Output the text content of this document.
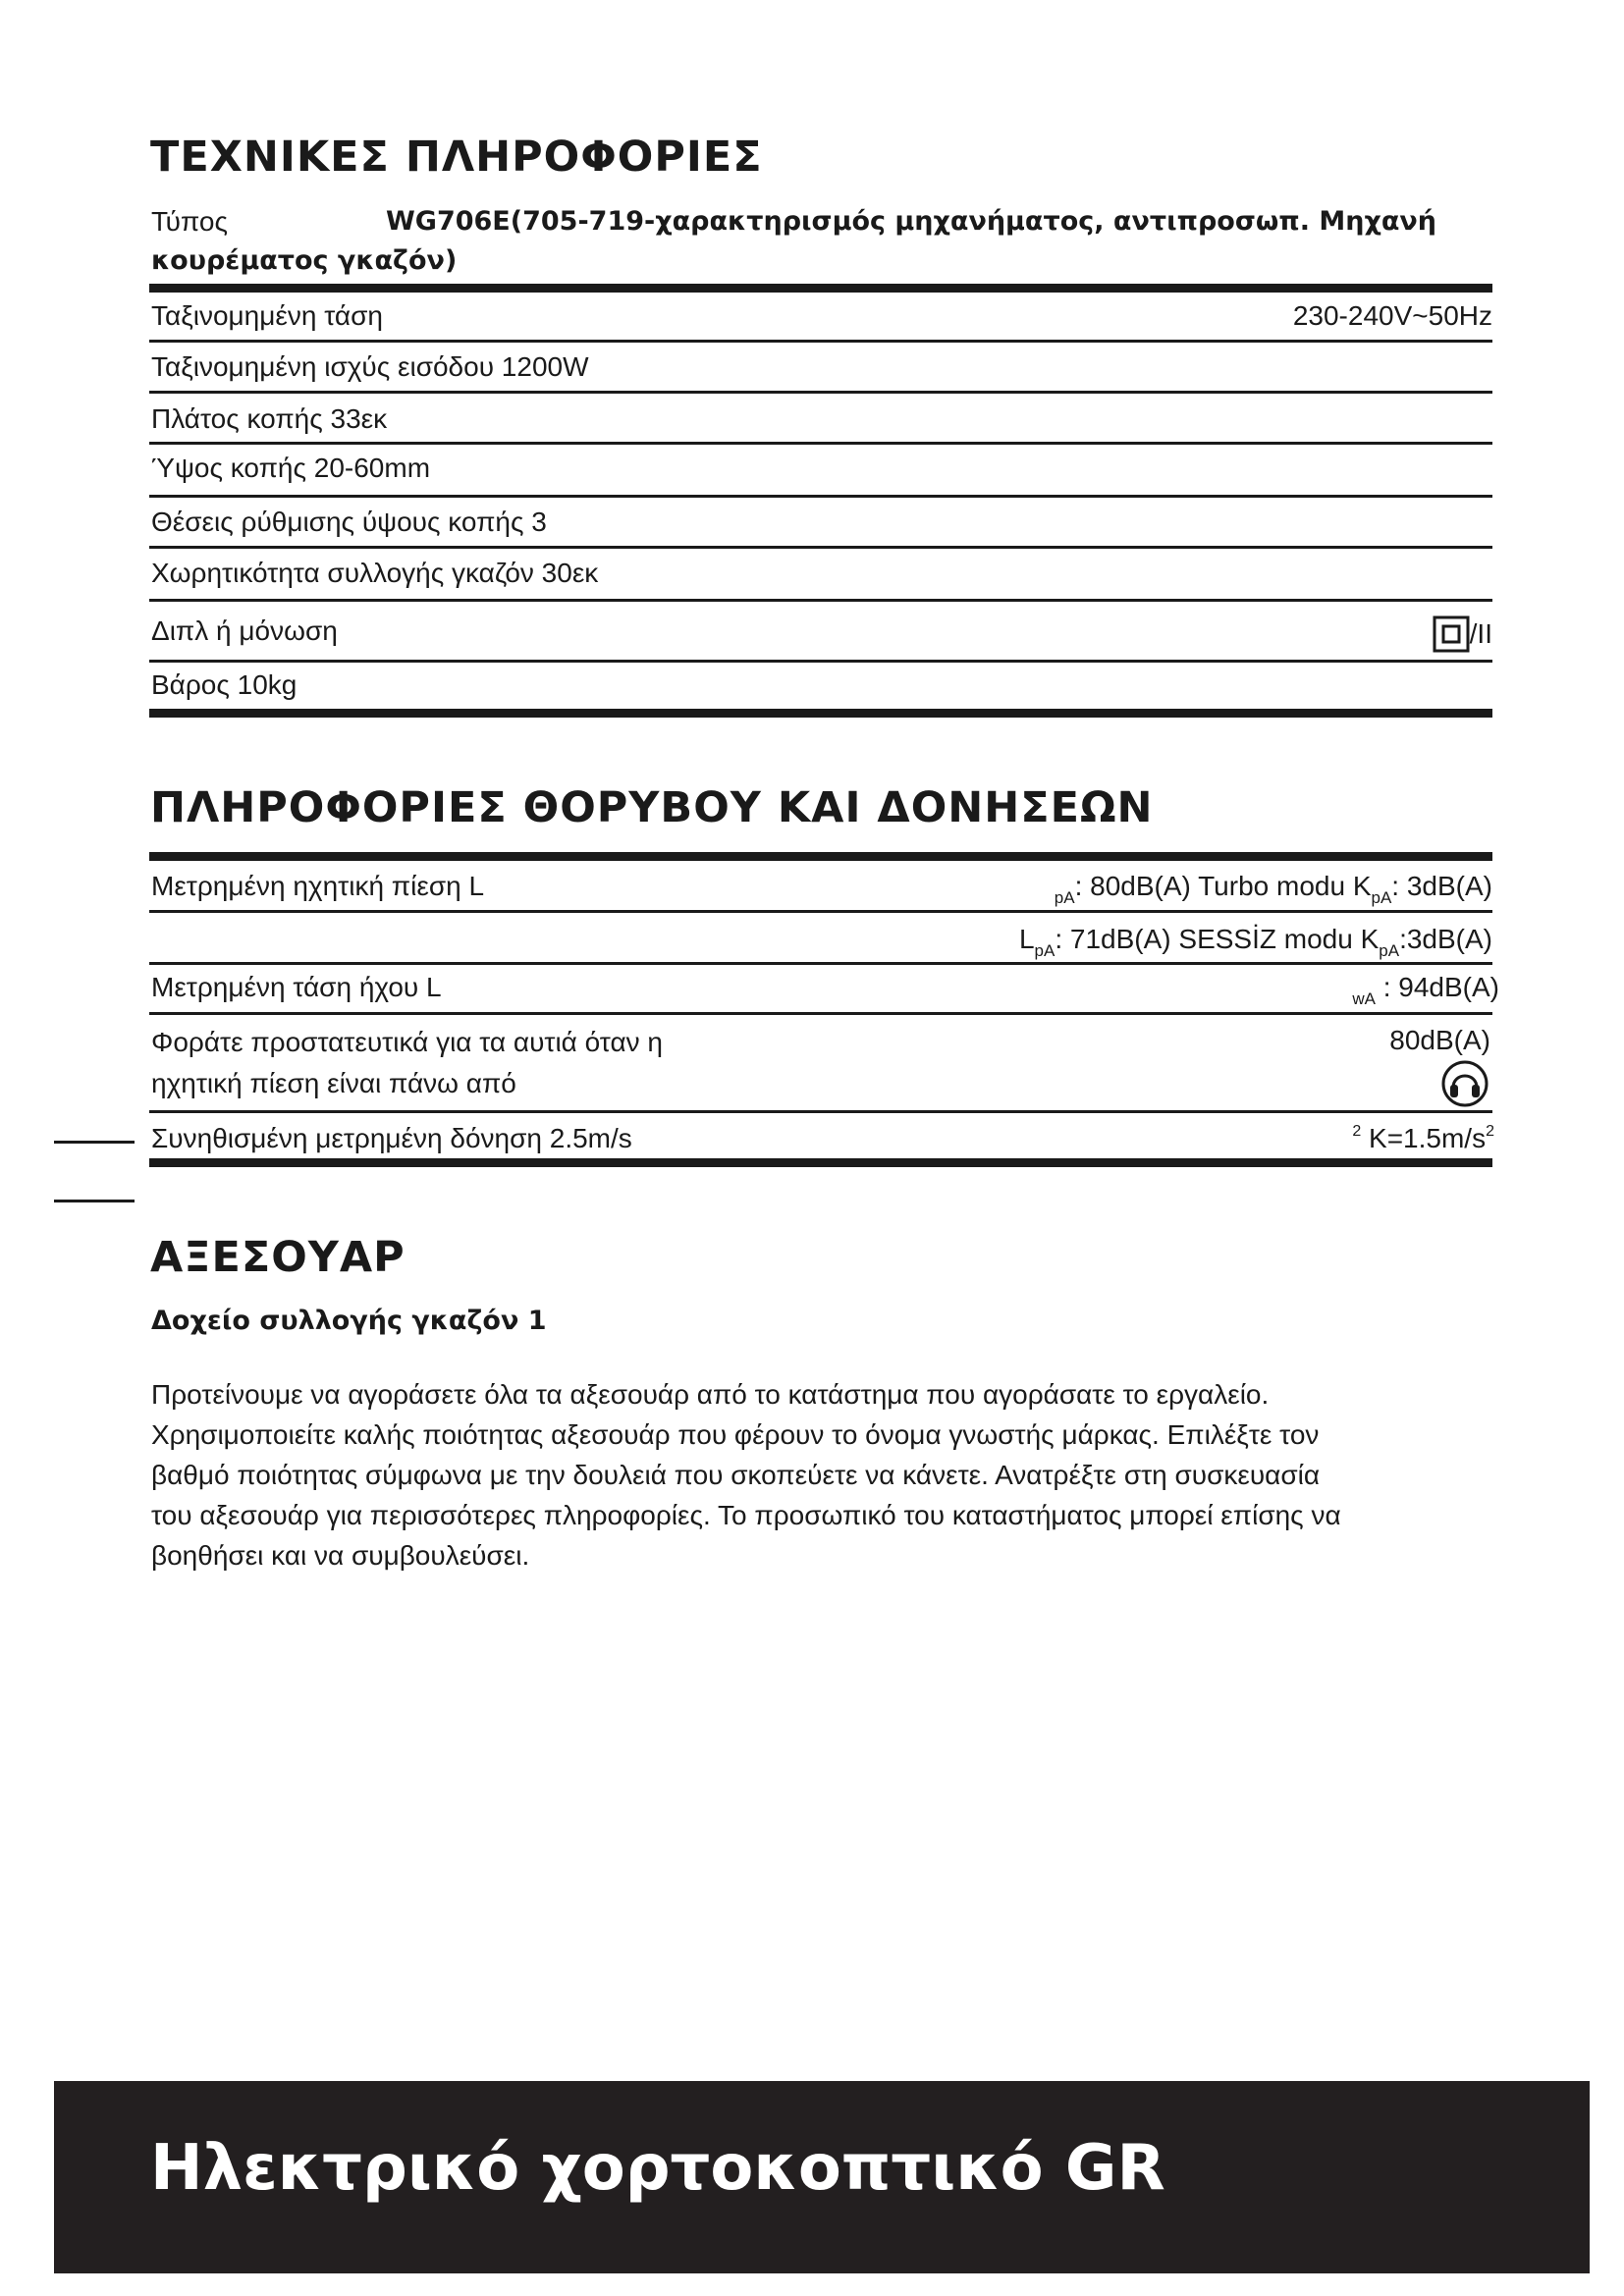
ΤΕΧΝΙΚΕΣ ΠΛΗΡΟΦΟΡΙΕΣ
Τύπος	WG706E(705-719-χαρακτηρισμός μηχανήματος, αντιπροσωπ. Μηχανή
κουρέματος γκαζόν)
Ταξινομημένη τάση	230-240V~50Hz
Ταξινομημένη ισχύς εισόδου 1200W
Πλάτος κοπής 33εκ
Ύψος κοπής 20-60mm
Θέσεις ρύθμισης ύψους κοπής 3
Χωρητικότητα συλλογής γκαζόν 30εκ
Διπλ ή μόνωση	/II
Βάρος 10kg
ΠΛΗΡΟΦΟΡΙΕΣ ΘΟΡΥΒΟΥ ΚΑΙ ΔΟΝΗΣΕΩΝ
Μετρημένη ηχητική πίεση L	$_{pA}$: 80dB(A) Turbo modu $K_{pA}$: 3dB(A)
$L_{pA}$: 71dB(A) SESSİZ modu $K_{pA}:3dB(A)$
Μετρημένη τάση ήχου L	$_{wA}$ : 94dB(A)
Φοράτε προστατευτικά για τα αυτιά όταν η
ηχητική πίεση είναι πάνω από
80dB(A)
Συνηθισμένη μετρημένη δόνηση 2.5m/s	$^2$ $K=1.5m/s^2$
ΑΞΕΣΟΥΑΡ
Δοχείο συλλογής γκαζόν 1
Προτείνουμε να αγοράσετε όλα τα αξεσουάρ από το κατάστημα που αγοράσατε το εργαλείο.
Χρησιμοποιείτε καλής ποιότητας αξεσουάρ που φέρουν το όνομα γνωστής μάρκας. Επιλέξτε τον
βαθμό ποιότητας σύμφωνα με την δουλειά που σκοπεύετε να κάνετε. Ανατρέξτε στη συσκευασία
του αξεσουάρ για περισσότερες πληροφορίες. Το προσωπικό του καταστήματος μπορεί επίσης να
βοηθήσει και να συμβουλεύσει.
Ηλεκτρικό χορτοκοπτικό GR
